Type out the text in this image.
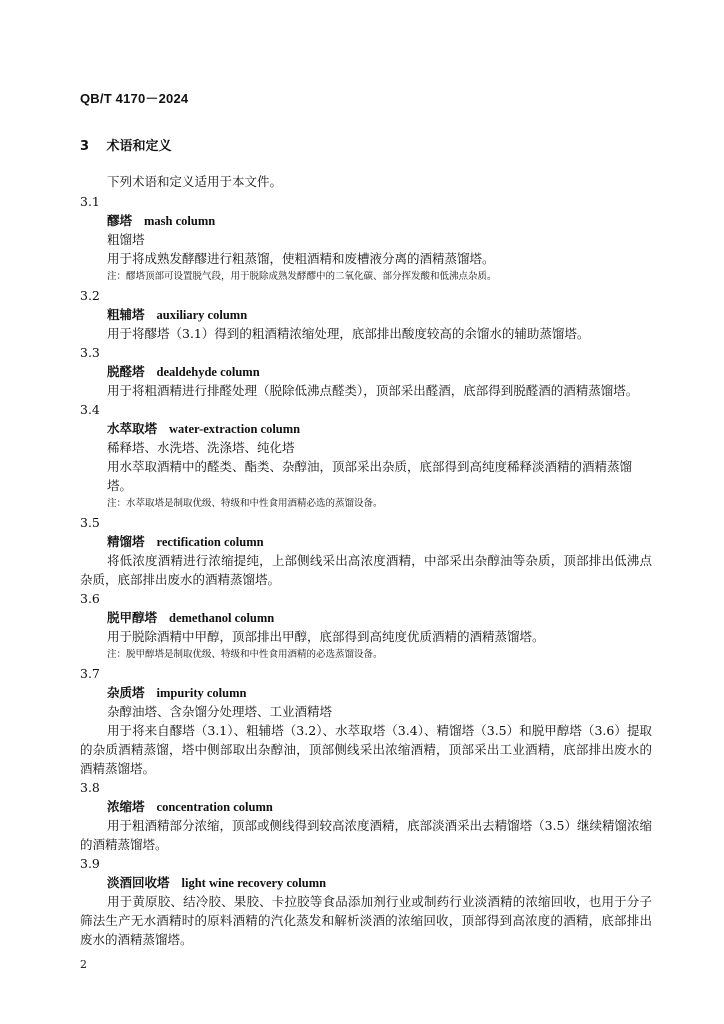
QB/T 4170－2024
3 术语和定义
下列术语和定义适用于本文件。
3.1
醪塔 mash column
粗馏塔
用于将成熟发酵醪进行粗蒸馏，使粗酒精和废槽液分离的酒精蒸馏塔。
注：醪塔顶部可设置脱气段，用于脱除成熟发酵醪中的二氧化碳、部分挥发酸和低沸点杂质。
3.2
粗辅塔 auxiliary column
用于将醪塔（3.1）得到的粗酒精浓缩处理，底部排出酸度较高的余馏水的辅助蒸馏塔。
3.3
脱醛塔 dealdehyde column
用于将粗酒精进行排醛处理（脱除低沸点醛类），顶部采出醛酒，底部得到脱醛酒的酒精蒸馏塔。
3.4
水萃取塔 water-extraction column
稀释塔、水洗塔、洗涤塔、纯化塔
用水萃取酒精中的醛类、酯类、杂醇油，顶部采出杂质，底部得到高纯度稀释淡酒精的酒精蒸馏塔。
注：水萃取塔是制取优级、特级和中性食用酒精必选的蒸馏设备。
3.5
精馏塔 rectification column
将低浓度酒精进行浓缩提纯，上部侧线采出高浓度酒精，中部采出杂醇油等杂质，顶部排出低沸点杂质，底部排出废水的酒精蒸馏塔。
3.6
脱甲醇塔 demethanol column
用于脱除酒精中甲醇，顶部排出甲醇，底部得到高纯度优质酒精的酒精蒸馏塔。
注：脱甲醇塔是制取优级、特级和中性食用酒精的必选蒸馏设备。
3.7
杂质塔 impurity column
杂醇油塔、含杂馏分处理塔、工业酒精塔
用于将来自醪塔（3.1）、粗辅塔（3.2）、水萃取塔（3.4）、精馏塔（3.5）和脱甲醇塔（3.6）提取的杂质酒精蒸馏，塔中侧部取出杂醇油，顶部侧线采出浓缩酒精，顶部采出工业酒精，底部排出废水的酒精蒸馏塔。
3.8
浓缩塔 concentration column
用于粗酒精部分浓缩，顶部或侧线得到较高浓度酒精，底部淡酒采出去精馏塔（3.5）继续精馏浓缩的酒精蒸馏塔。
3.9
淡酒回收塔 light wine recovery column
用于黄原胶、结冷胶、果胶、卡拉胶等食品添加剂行业或制药行业淡酒精的浓缩回收，也用于分子筛法生产无水酒精时的原料酒精的汽化蒸发和解析淡酒的浓缩回收，顶部得到高浓度的酒精，底部排出废水的酒精蒸馏塔。
2
